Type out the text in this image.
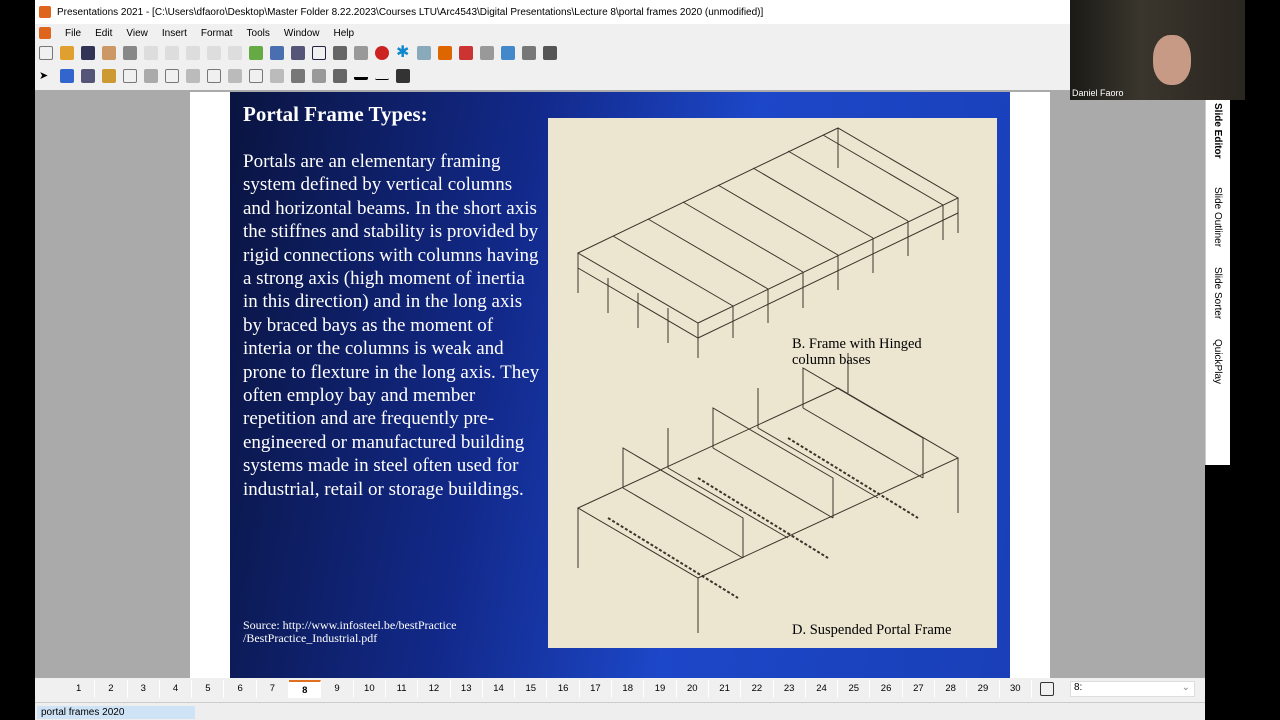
Presentations 2021 - [C:\Users\dfaoro\Desktop\Master Folder 8.22.2023\Courses LTU\Arc4543\Digital Presentations\Lecture 8\portal frames 2020 (unmodified)]
File Edit View Insert Format Tools Window Help
✱
➤
Portal Frame Types:
Portals are an elementary framing system defined by vertical columns and horizontal beams. In the short axis the stiffnes and stability is provided by rigid connections with columns having a strong axis (high moment of inertia in this direction) and in the long axis by braced bays as the moment of interia or the columns is weak and prone to flexture in the long axis. They often employ bay and member repetition and are frequently pre-engineered or manufactured building systems made in steel often used for industrial, retail or storage buildings.
Source: http://www.infosteel.be/bestPractice
/BestPractice_Industrial.pdf
B. Frame with Hinged
column bases
D. Suspended Portal Frame
Slide Editor
Slide Outliner
Slide Sorter
QuickPlay
1	2	3	4	5	6	7	8	9	10	11	12	13	14	15	16	17	18	19	20	21	22	23	24	25	26	27	28	29	30	8:	⌄
portal frames 2020
Daniel Faoro
